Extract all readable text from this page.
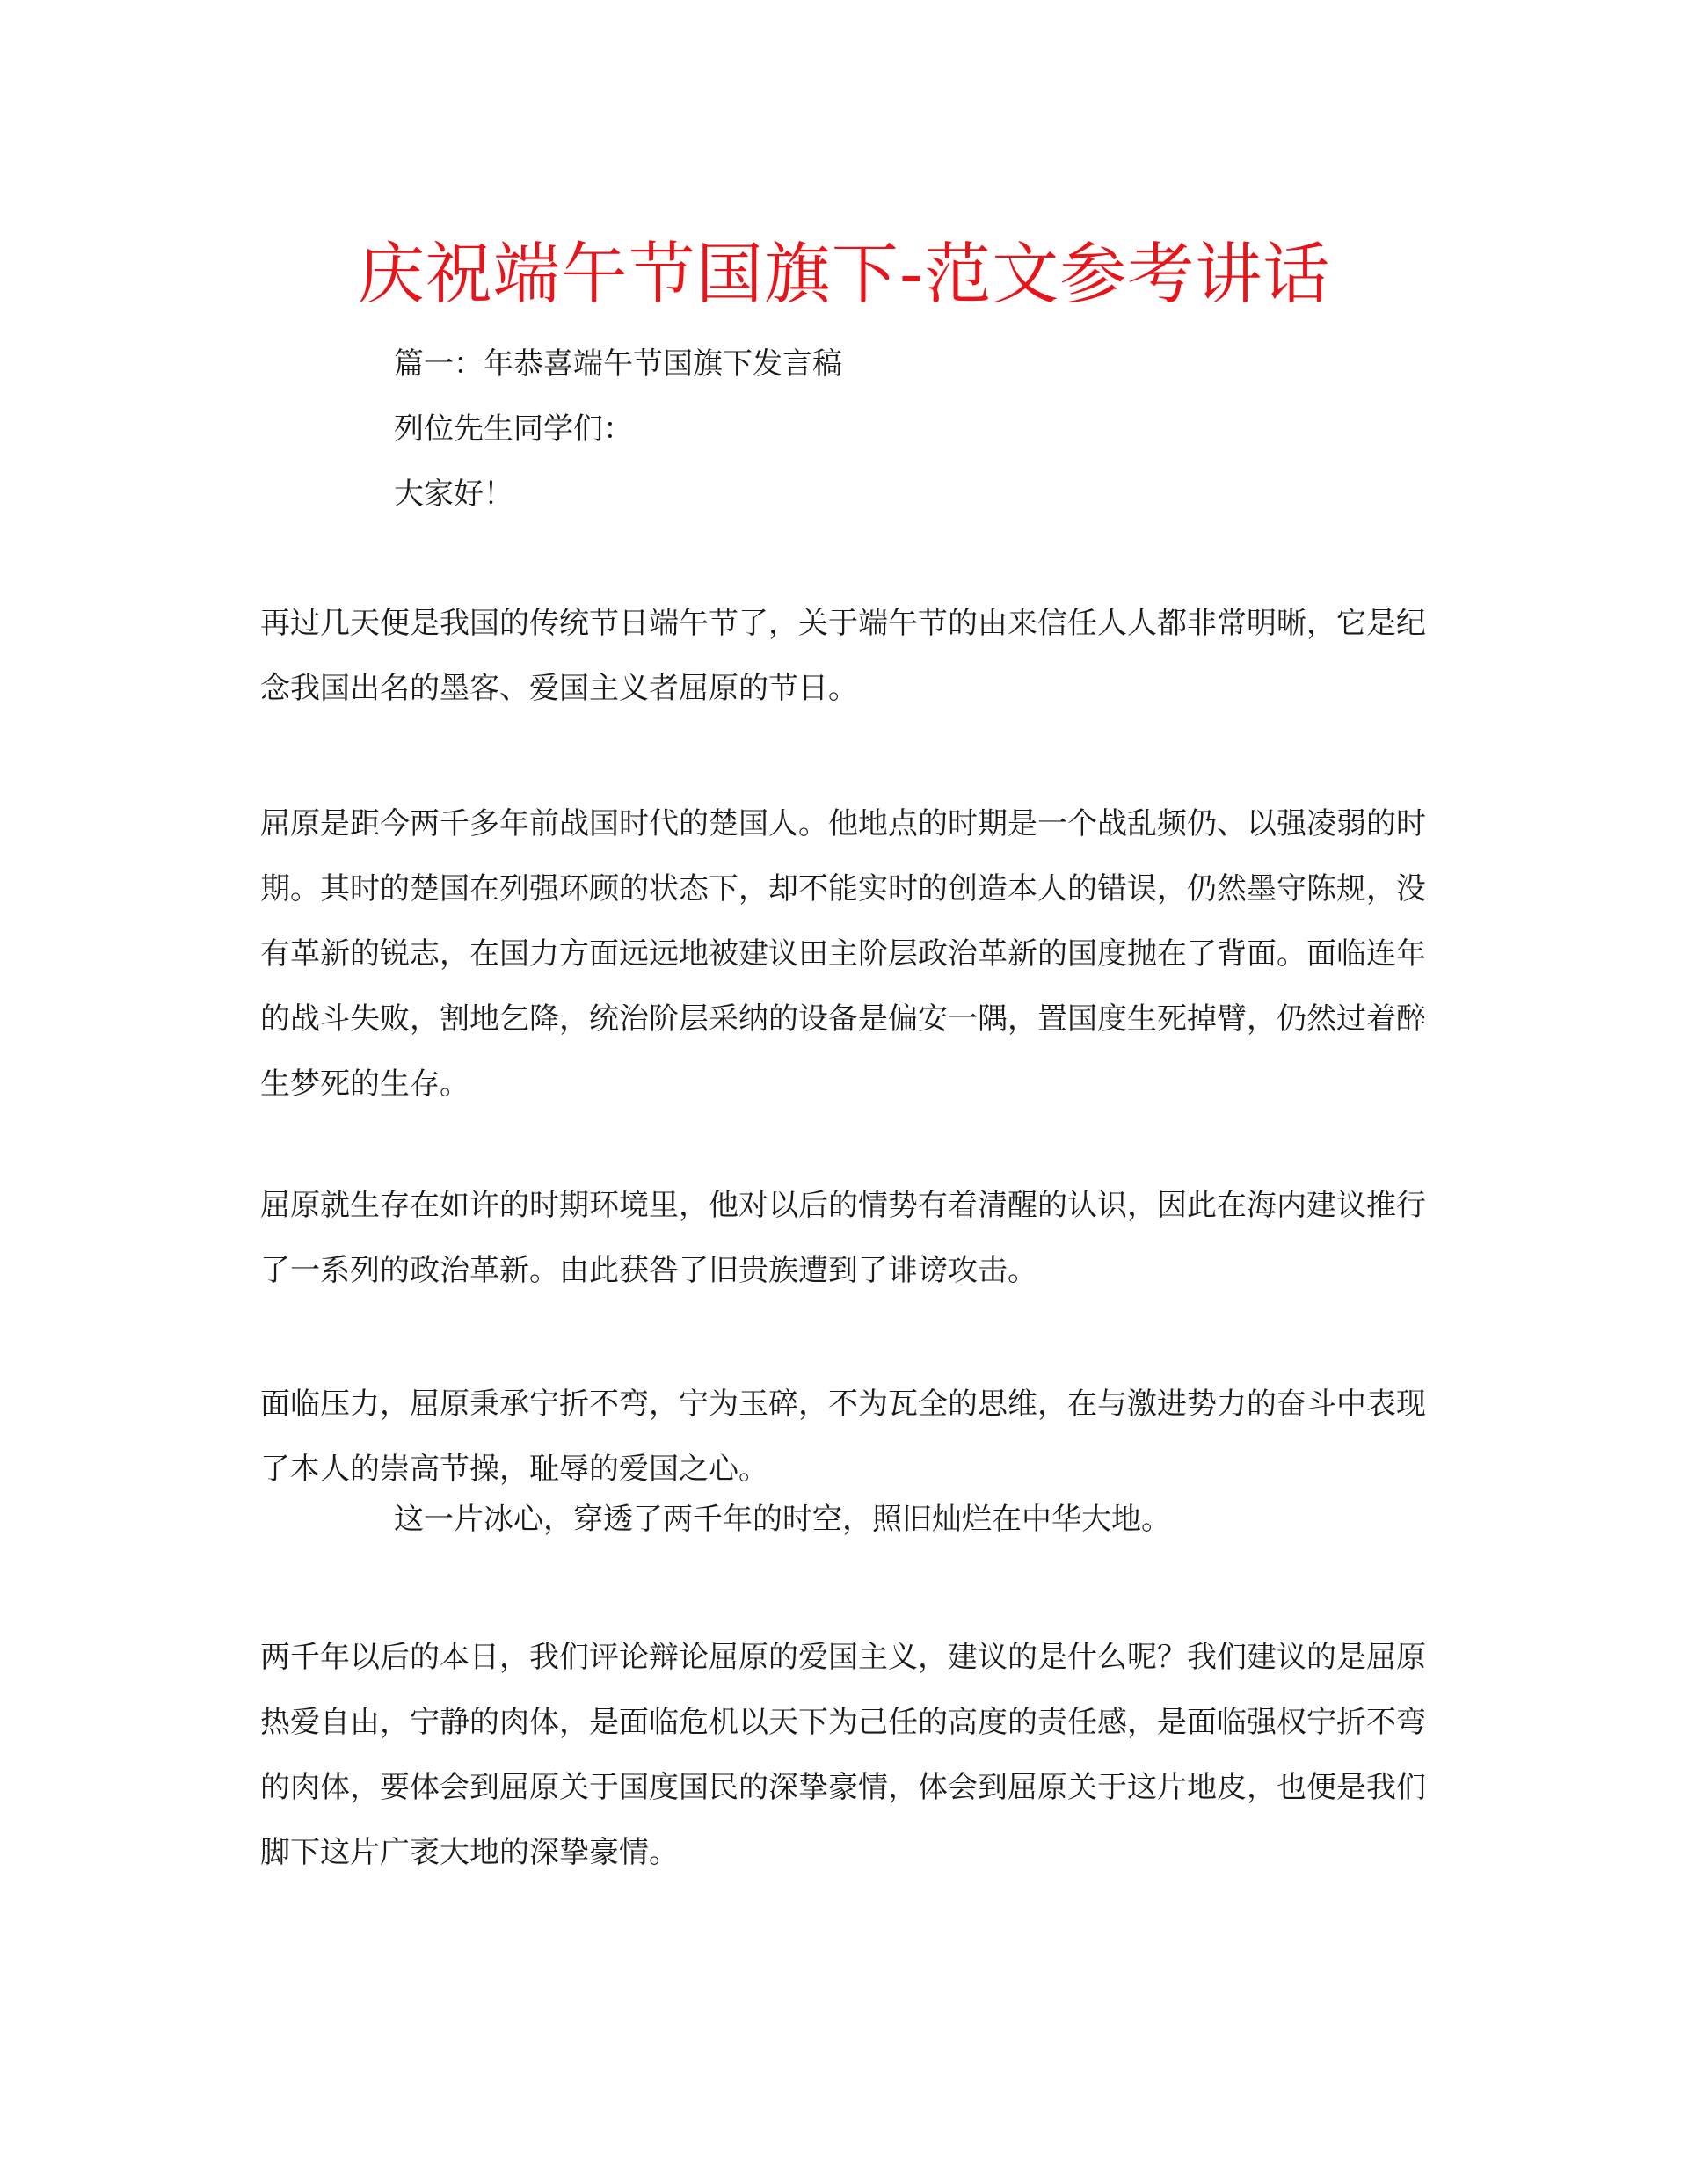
庆祝端午节国旗下-范文参考讲话

篇一：年恭喜端午节国旗下发言稿

列位先生同学们：

大家好！

再过几天便是我国的传统节日端午节了，关于端午节的由来信任人人都非常明晰，它是纪念我国出名的墨客、爱国主义者屈原的节日。

屈原是距今两千多年前战国时代的楚国人。他地点的时期是一个战乱频仍、以强凌弱的时期。其时的楚国在列强环顾的状态下，却不能实时的创造本人的错误，仍然墨守陈规，没有革新的锐志，在国力方面远远地被建议田主阶层政治革新的国度抛在了背面。面临连年的战斗失败，割地乞降，统治阶层采纳的设备是偏安一隅，置国度生死掉臂，仍然过着醉生梦死的生存。

屈原就生存在如许的时期环境里，他对以后的情势有着清醒的认识，因此在海内建议推行了一系列的政治革新。由此获咎了旧贵族遭到了诽谤攻击。

面临压力，屈原秉承宁折不弯，宁为玉碎，不为瓦全的思维，在与激进势力的奋斗中表现了本人的崇高节操，耻辱的爱国之心。

这一片冰心，穿透了两千年的时空，照旧灿烂在中华大地。

两千年以后的本日，我们评论辩论屈原的爱国主义，建议的是什么呢？我们建议的是屈原热爱自由，宁静的肉体，是面临危机以天下为己任的高度的责任感，是面临强权宁折不弯的肉体，要体会到屈原关于国度国民的深挚豪情，体会到屈原关于这片地皮，也便是我们脚下这片广袤大地的深挚豪情。
